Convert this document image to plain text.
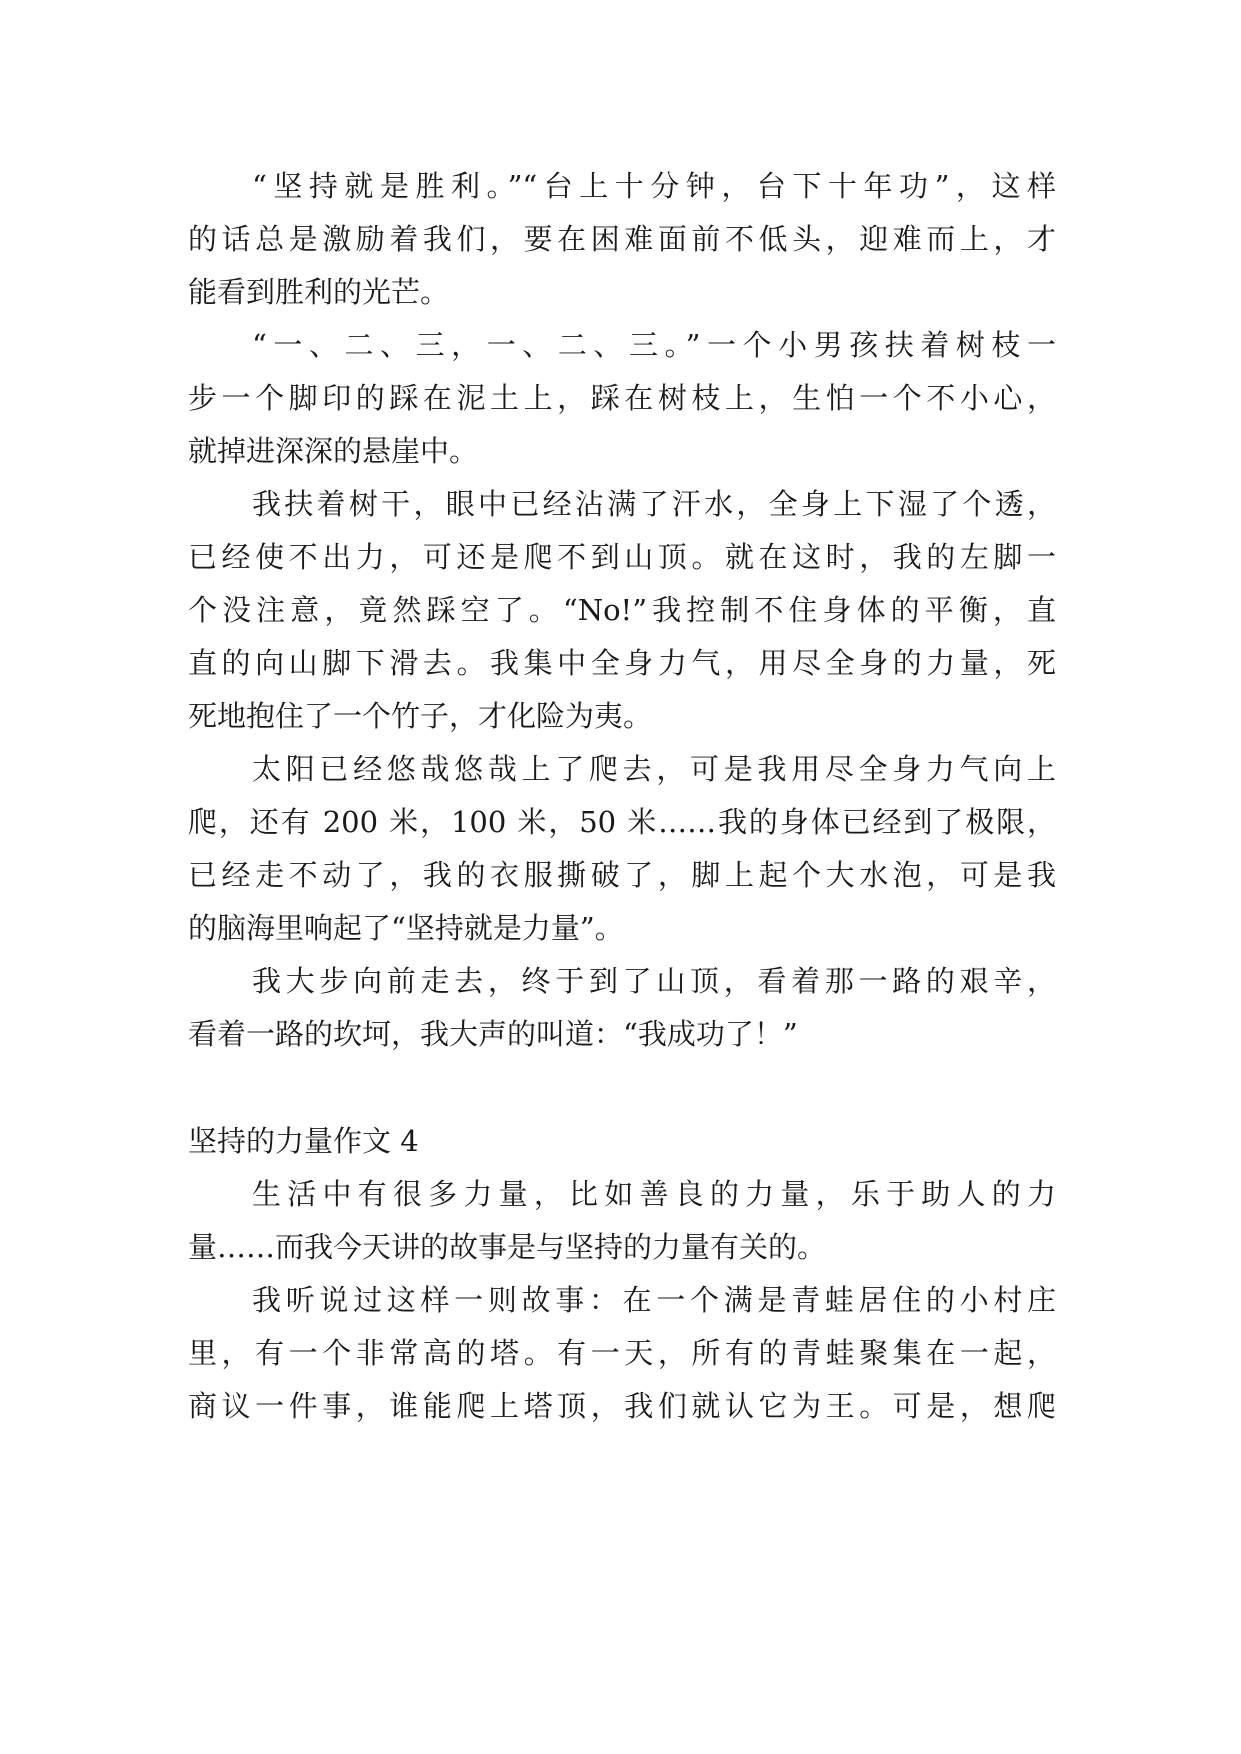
“坚持就是胜利。”“台上十分钟，台下十年功”，这样
的话总是激励着我们，要在困难面前不低头，迎难而上，才
能看到胜利的光芒。
“一、二、三，一、二、三。”一个小男孩扶着树枝一
步一个脚印的踩在泥土上，踩在树枝上，生怕一个不小心，
就掉进深深的悬崖中。
我扶着树干，眼中已经沾满了汗水，全身上下湿了个透，
已经使不出力，可还是爬不到山顶。就在这时，我的左脚一
个没注意，竟然踩空了。“No!”我控制不住身体的平衡，直
直的向山脚下滑去。我集中全身力气，用尽全身的力量，死
死地抱住了一个竹子，才化险为夷。
太阳已经悠哉悠哉上了爬去，可是我用尽全身力气向上
爬，还有 200 米，100 米，50 米……我的身体已经到了极限，
已经走不动了，我的衣服撕破了，脚上起个大水泡，可是我
的脑海里响起了“坚持就是力量”。
我大步向前走去，终于到了山顶，看着那一路的艰辛，
看着一路的坎坷，我大声的叫道：“我成功了！”
坚持的力量作文 4
生活中有很多力量，比如善良的力量，乐于助人的力
量……而我今天讲的故事是与坚持的力量有关的。
我听说过这样一则故事：在一个满是青蛙居住的小村庄
里，有一个非常高的塔。有一天，所有的青蛙聚集在一起，
商议一件事，谁能爬上塔顶，我们就认它为王。可是，想爬
